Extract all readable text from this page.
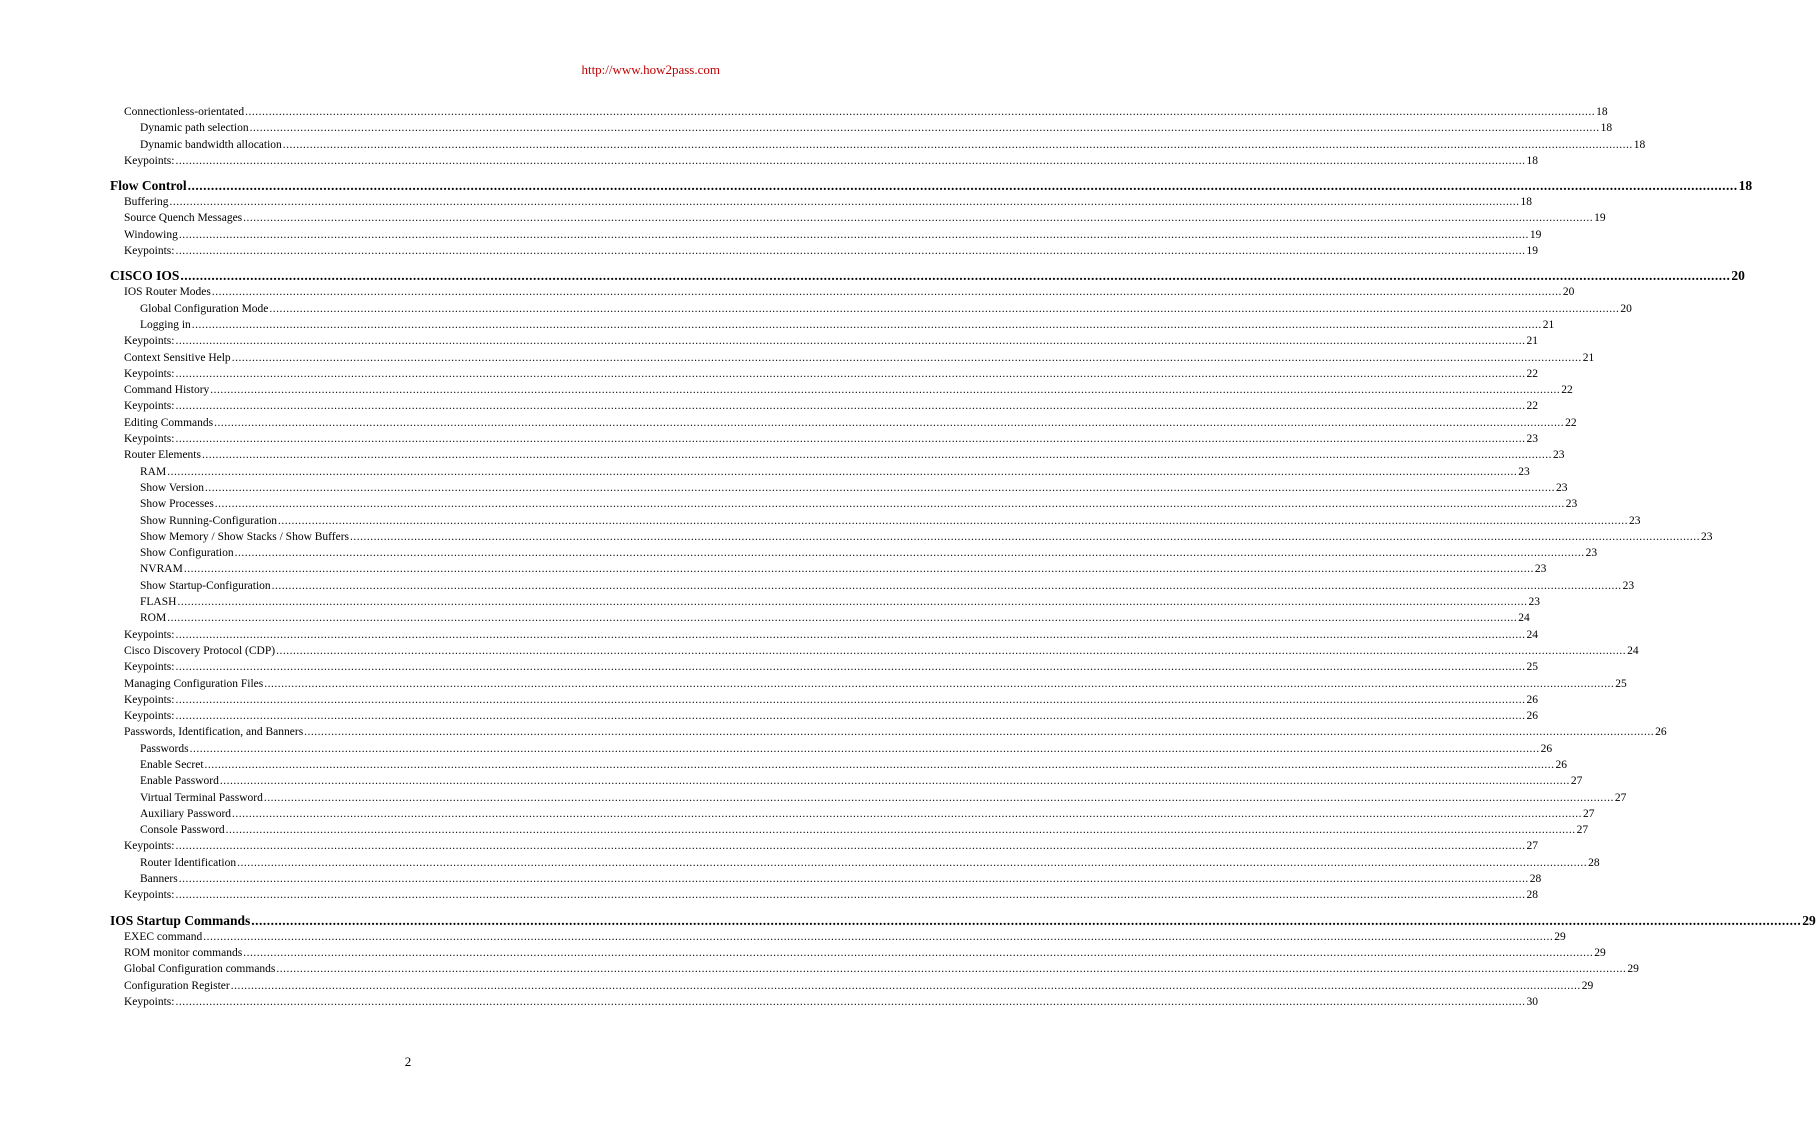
http://www.how2pass.com
Connectionless-orientated ................................................................................................................................................................................................................................................................................................................................................................................................................ 18
Dynamic path selection ................................................................................................................................................................................................................................................................................................................................................................................................................ 18
Dynamic bandwidth allocation ................................................................................................................................................................................................................................................................................................................................................................................................................ 18
Keypoints: ................................................................................................................................................................................................................................................................................................................................................................................................................ 18
Flow Control ................................................................................................................................................................................................................................................................................................................................................................................................................ 18
Buffering ................................................................................................................................................................................................................................................................................................................................................................................................................ 18
Source Quench Messages ................................................................................................................................................................................................................................................................................................................................................................................................................ 19
Windowing ................................................................................................................................................................................................................................................................................................................................................................................................................ 19
Keypoints: ................................................................................................................................................................................................................................................................................................................................................................................................................ 19
CISCO IOS ................................................................................................................................................................................................................................................................................................................................................................................................................ 20
IOS Router Modes ................................................................................................................................................................................................................................................................................................................................................................................................................ 20
Global Configuration Mode ................................................................................................................................................................................................................................................................................................................................................................................................................ 20
Logging in ................................................................................................................................................................................................................................................................................................................................................................................................................ 21
Keypoints: ................................................................................................................................................................................................................................................................................................................................................................................................................ 21
Context Sensitive Help ................................................................................................................................................................................................................................................................................................................................................................................................................ 21
Keypoints: ................................................................................................................................................................................................................................................................................................................................................................................................................ 22
Command History ................................................................................................................................................................................................................................................................................................................................................................................................................ 22
Keypoints: ................................................................................................................................................................................................................................................................................................................................................................................................................ 22
Editing Commands ................................................................................................................................................................................................................................................................................................................................................................................................................ 22
Keypoints: ................................................................................................................................................................................................................................................................................................................................................................................................................ 23
Router Elements ................................................................................................................................................................................................................................................................................................................................................................................................................ 23
RAM ................................................................................................................................................................................................................................................................................................................................................................................................................ 23
Show Version ................................................................................................................................................................................................................................................................................................................................................................................................................ 23
Show Processes ................................................................................................................................................................................................................................................................................................................................................................................................................ 23
Show Running-Configuration ................................................................................................................................................................................................................................................................................................................................................................................................................ 23
Show Memory / Show Stacks / Show Buffers ................................................................................................................................................................................................................................................................................................................................................................................................................ 23
Show Configuration ................................................................................................................................................................................................................................................................................................................................................................................................................ 23
NVRAM ................................................................................................................................................................................................................................................................................................................................................................................................................ 23
Show Startup-Configuration ................................................................................................................................................................................................................................................................................................................................................................................................................ 23
FLASH ................................................................................................................................................................................................................................................................................................................................................................................................................ 23
ROM ................................................................................................................................................................................................................................................................................................................................................................................................................ 24
Keypoints: ................................................................................................................................................................................................................................................................................................................................................................................................................ 24
Cisco Discovery Protocol (CDP) ................................................................................................................................................................................................................................................................................................................................................................................................................ 24
Keypoints: ................................................................................................................................................................................................................................................................................................................................................................................................................ 25
Managing Configuration Files ................................................................................................................................................................................................................................................................................................................................................................................................................ 25
Keypoints: ................................................................................................................................................................................................................................................................................................................................................................................................................ 26
Keypoints: ................................................................................................................................................................................................................................................................................................................................................................................................................ 26
Passwords, Identification, and Banners ................................................................................................................................................................................................................................................................................................................................................................................................................ 26
Passwords ................................................................................................................................................................................................................................................................................................................................................................................................................ 26
Enable Secret ................................................................................................................................................................................................................................................................................................................................................................................................................ 26
Enable Password ................................................................................................................................................................................................................................................................................................................................................................................................................ 27
Virtual Terminal Password ................................................................................................................................................................................................................................................................................................................................................................................................................ 27
Auxiliary Password ................................................................................................................................................................................................................................................................................................................................................................................................................ 27
Console Password ................................................................................................................................................................................................................................................................................................................................................................................................................ 27
Keypoints: ................................................................................................................................................................................................................................................................................................................................................................................................................ 27
Router Identification ................................................................................................................................................................................................................................................................................................................................................................................................................ 28
Banners ................................................................................................................................................................................................................................................................................................................................................................................................................ 28
Keypoints: ................................................................................................................................................................................................................................................................................................................................................................................................................ 28
IOS Startup Commands ................................................................................................................................................................................................................................................................................................................................................................................................................ 29
EXEC command ................................................................................................................................................................................................................................................................................................................................................................................................................ 29
ROM monitor commands ................................................................................................................................................................................................................................................................................................................................................................................................................ 29
Global Configuration commands ................................................................................................................................................................................................................................................................................................................................................................................................................ 29
Configuration Register ................................................................................................................................................................................................................................................................................................................................................................................................................ 29
Keypoints: ................................................................................................................................................................................................................................................................................................................................................................................................................ 30
2
